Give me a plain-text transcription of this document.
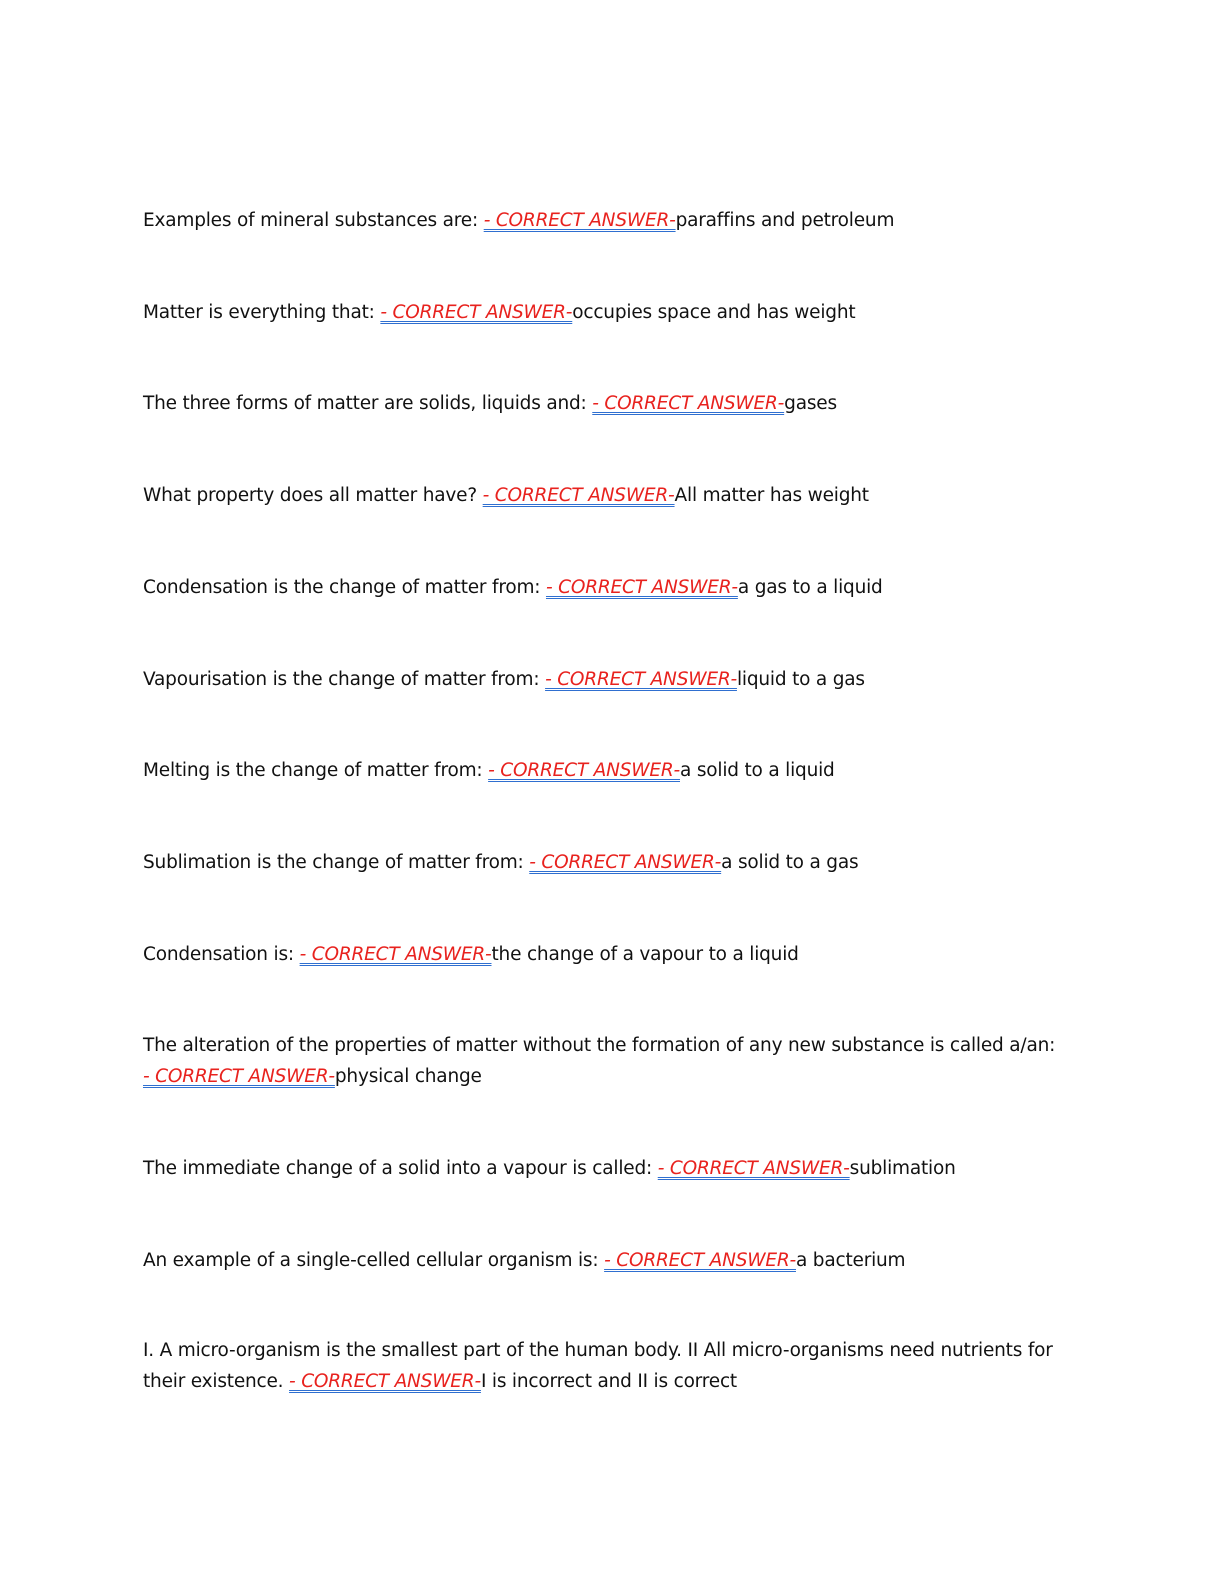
Examples of mineral substances are: - CORRECT ANSWER-paraffins and petroleum

Matter is everything that: - CORRECT ANSWER-occupies space and has weight

The three forms of matter are solids, liquids and: - CORRECT ANSWER-gases

What property does all matter have? - CORRECT ANSWER-All matter has weight

Condensation is the change of matter from: - CORRECT ANSWER-a gas to a liquid

Vapourisation is the change of matter from: - CORRECT ANSWER-liquid to a gas

Melting is the change of matter from: - CORRECT ANSWER-a solid to a liquid

Sublimation is the change of matter from: - CORRECT ANSWER-a solid to a gas

Condensation is: - CORRECT ANSWER-the change of a vapour to a liquid

The alteration of the properties of matter without the formation of any new substance is called a/an: - CORRECT ANSWER-physical change

The immediate change of a solid into a vapour is called: - CORRECT ANSWER-sublimation

An example of a single-celled cellular organism is: - CORRECT ANSWER-a bacterium

I. A micro-organism is the smallest part of the human body. II All micro-organisms need nutrients for their existence. - CORRECT ANSWER-I is incorrect and II is correct
